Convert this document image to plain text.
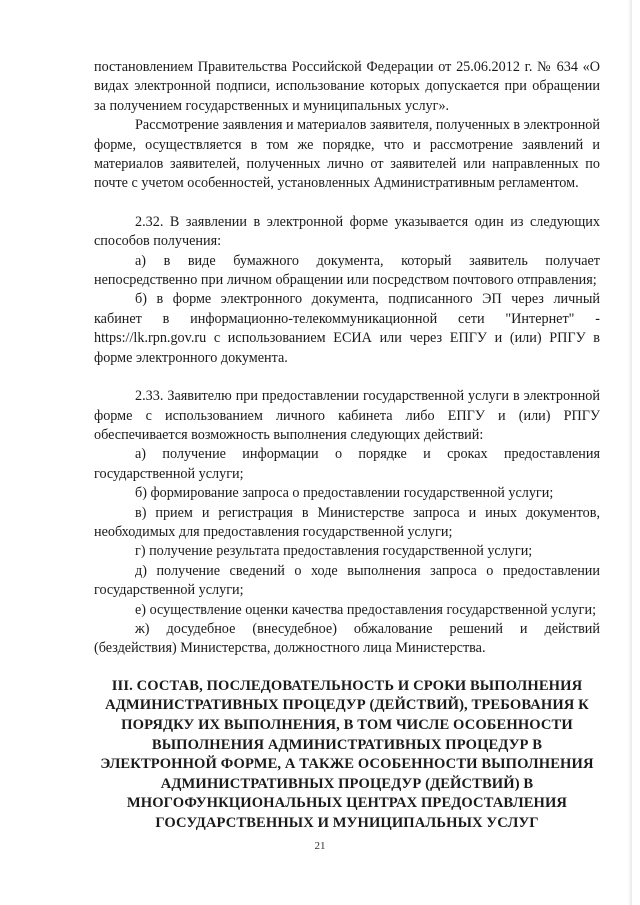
постановлением Правительства Российской Федерации от 25.06.2012 г. № 634 «О видах электронной подписи, использование которых допускается при обращении за получением государственных и муниципальных услуг».

Рассмотрение заявления и материалов заявителя, полученных в электронной форме, осуществляется в том же порядке, что и рассмотрение заявлений и материалов заявителей, полученных лично от заявителей или направленных по почте с учетом особенностей, установленных Административным регламентом.

2.32. В заявлении в электронной форме указывается один из следующих способов получения:

а) в виде бумажного документа, который заявитель получает непосредственно при личном обращении или посредством почтового отправления;

б) в форме электронного документа, подписанного ЭП через личный кабинет в информационно-телекоммуникационной сети "Интернет" - https://lk.rpn.gov.ru с использованием ЕСИА или через ЕПГУ и (или) РПГУ в форме электронного документа.

2.33. Заявителю при предоставлении государственной услуги в электронной форме с использованием личного кабинета либо ЕПГУ и (или) РПГУ обеспечивается возможность выполнения следующих действий:

а) получение информации о порядке и сроках предоставления государственной услуги;

б) формирование запроса о предоставлении государственной услуги;

в) прием и регистрация в Министерстве запроса и иных документов, необходимых для предоставления государственной услуги;

г) получение результата предоставления государственной услуги;

д) получение сведений о ходе выполнения запроса о предоставлении государственной услуги;

е) осуществление оценки качества предоставления государственной услуги;

ж) досудебное (внесудебное) обжалование решений и действий (бездействия) Министерства, должностного лица Министерства.

III. СОСТАВ, ПОСЛЕДОВАТЕЛЬНОСТЬ И СРОКИ ВЫПОЛНЕНИЯ АДМИНИСТРАТИВНЫХ ПРОЦЕДУР (ДЕЙСТВИЙ), ТРЕБОВАНИЯ К ПОРЯДКУ ИХ ВЫПОЛНЕНИЯ, В ТОМ ЧИСЛЕ ОСОБЕННОСТИ ВЫПОЛНЕНИЯ АДМИНИСТРАТИВНЫХ ПРОЦЕДУР В ЭЛЕКТРОННОЙ ФОРМЕ, А ТАКЖЕ ОСОБЕННОСТИ ВЫПОЛНЕНИЯ АДМИНИСТРАТИВНЫХ ПРОЦЕДУР (ДЕЙСТВИЙ) В МНОГОФУНКЦИОНАЛЬНЫХ ЦЕНТРАХ ПРЕДОСТАВЛЕНИЯ ГОСУДАРСТВЕННЫХ И МУНИЦИПАЛЬНЫХ УСЛУГ
21
